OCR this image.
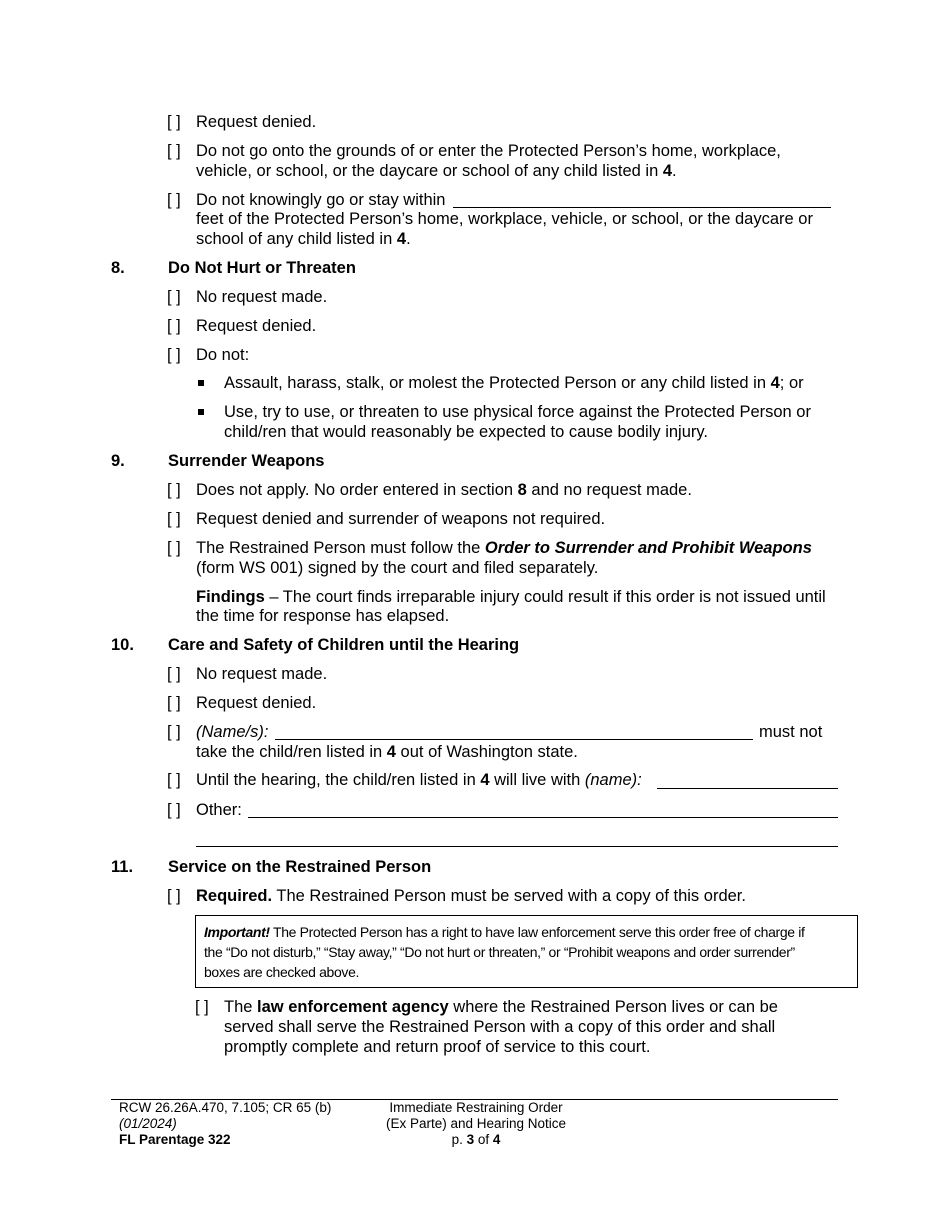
[ ] Request denied.
[ ] Do not go onto the grounds of or enter the Protected Person’s home, workplace,
vehicle, or school, or the daycare or school of any child listed in 4.
[ ] Do not knowingly go or stay within
feet of the Protected Person’s home, workplace, vehicle, or school, or the daycare or
school of any child listed in 4.
8.	Do Not Hurt or Threaten
[ ] No request made.
[ ] Request denied.
[ ] Do not:
Assault, harass, stalk, or molest the Protected Person or any child listed in 4; or
Use, try to use, or threaten to use physical force against the Protected Person or
child/ren that would reasonably be expected to cause bodily injury.
9.	Surrender Weapons
[ ] Does not apply. No order entered in section 8 and no request made.
[ ] Request denied and surrender of weapons not required.
[ ] The Restrained Person must follow the Order to Surrender and Prohibit Weapons
(form WS 001) signed by the court and filed separately.
Findings – The court finds irreparable injury could result if this order is not issued until
the time for response has elapsed.
10. Care and Safety of Children until the Hearing
[ ] No request made.
[ ] Request denied.
[ ] (Name/s):	must not
take the child/ren listed in 4 out of Washington state.
[ ] Until the hearing, the child/ren listed in 4 will live with (name):
[ ] Other:
11. Service on the Restrained Person
[ ] Required. The Restrained Person must be served with a copy of this order.
Important! The Protected Person has a right to have law enforcement serve this order free of charge if
the “Do not disturb,” “Stay away,” “Do not hurt or threaten,” or “Prohibit weapons and order surrender”
boxes are checked above.
[ ] The law enforcement agency where the Restrained Person lives or can be
served shall serve the Restrained Person with a copy of this order and shall
promptly complete and return proof of service to this court.
RCW 26.26A.470, 7.105; CR 65 (b)
(01/2024)
FL Parentage 322
Immediate Restraining Order
(Ex Parte) and Hearing Notice
p. 3 of 4
